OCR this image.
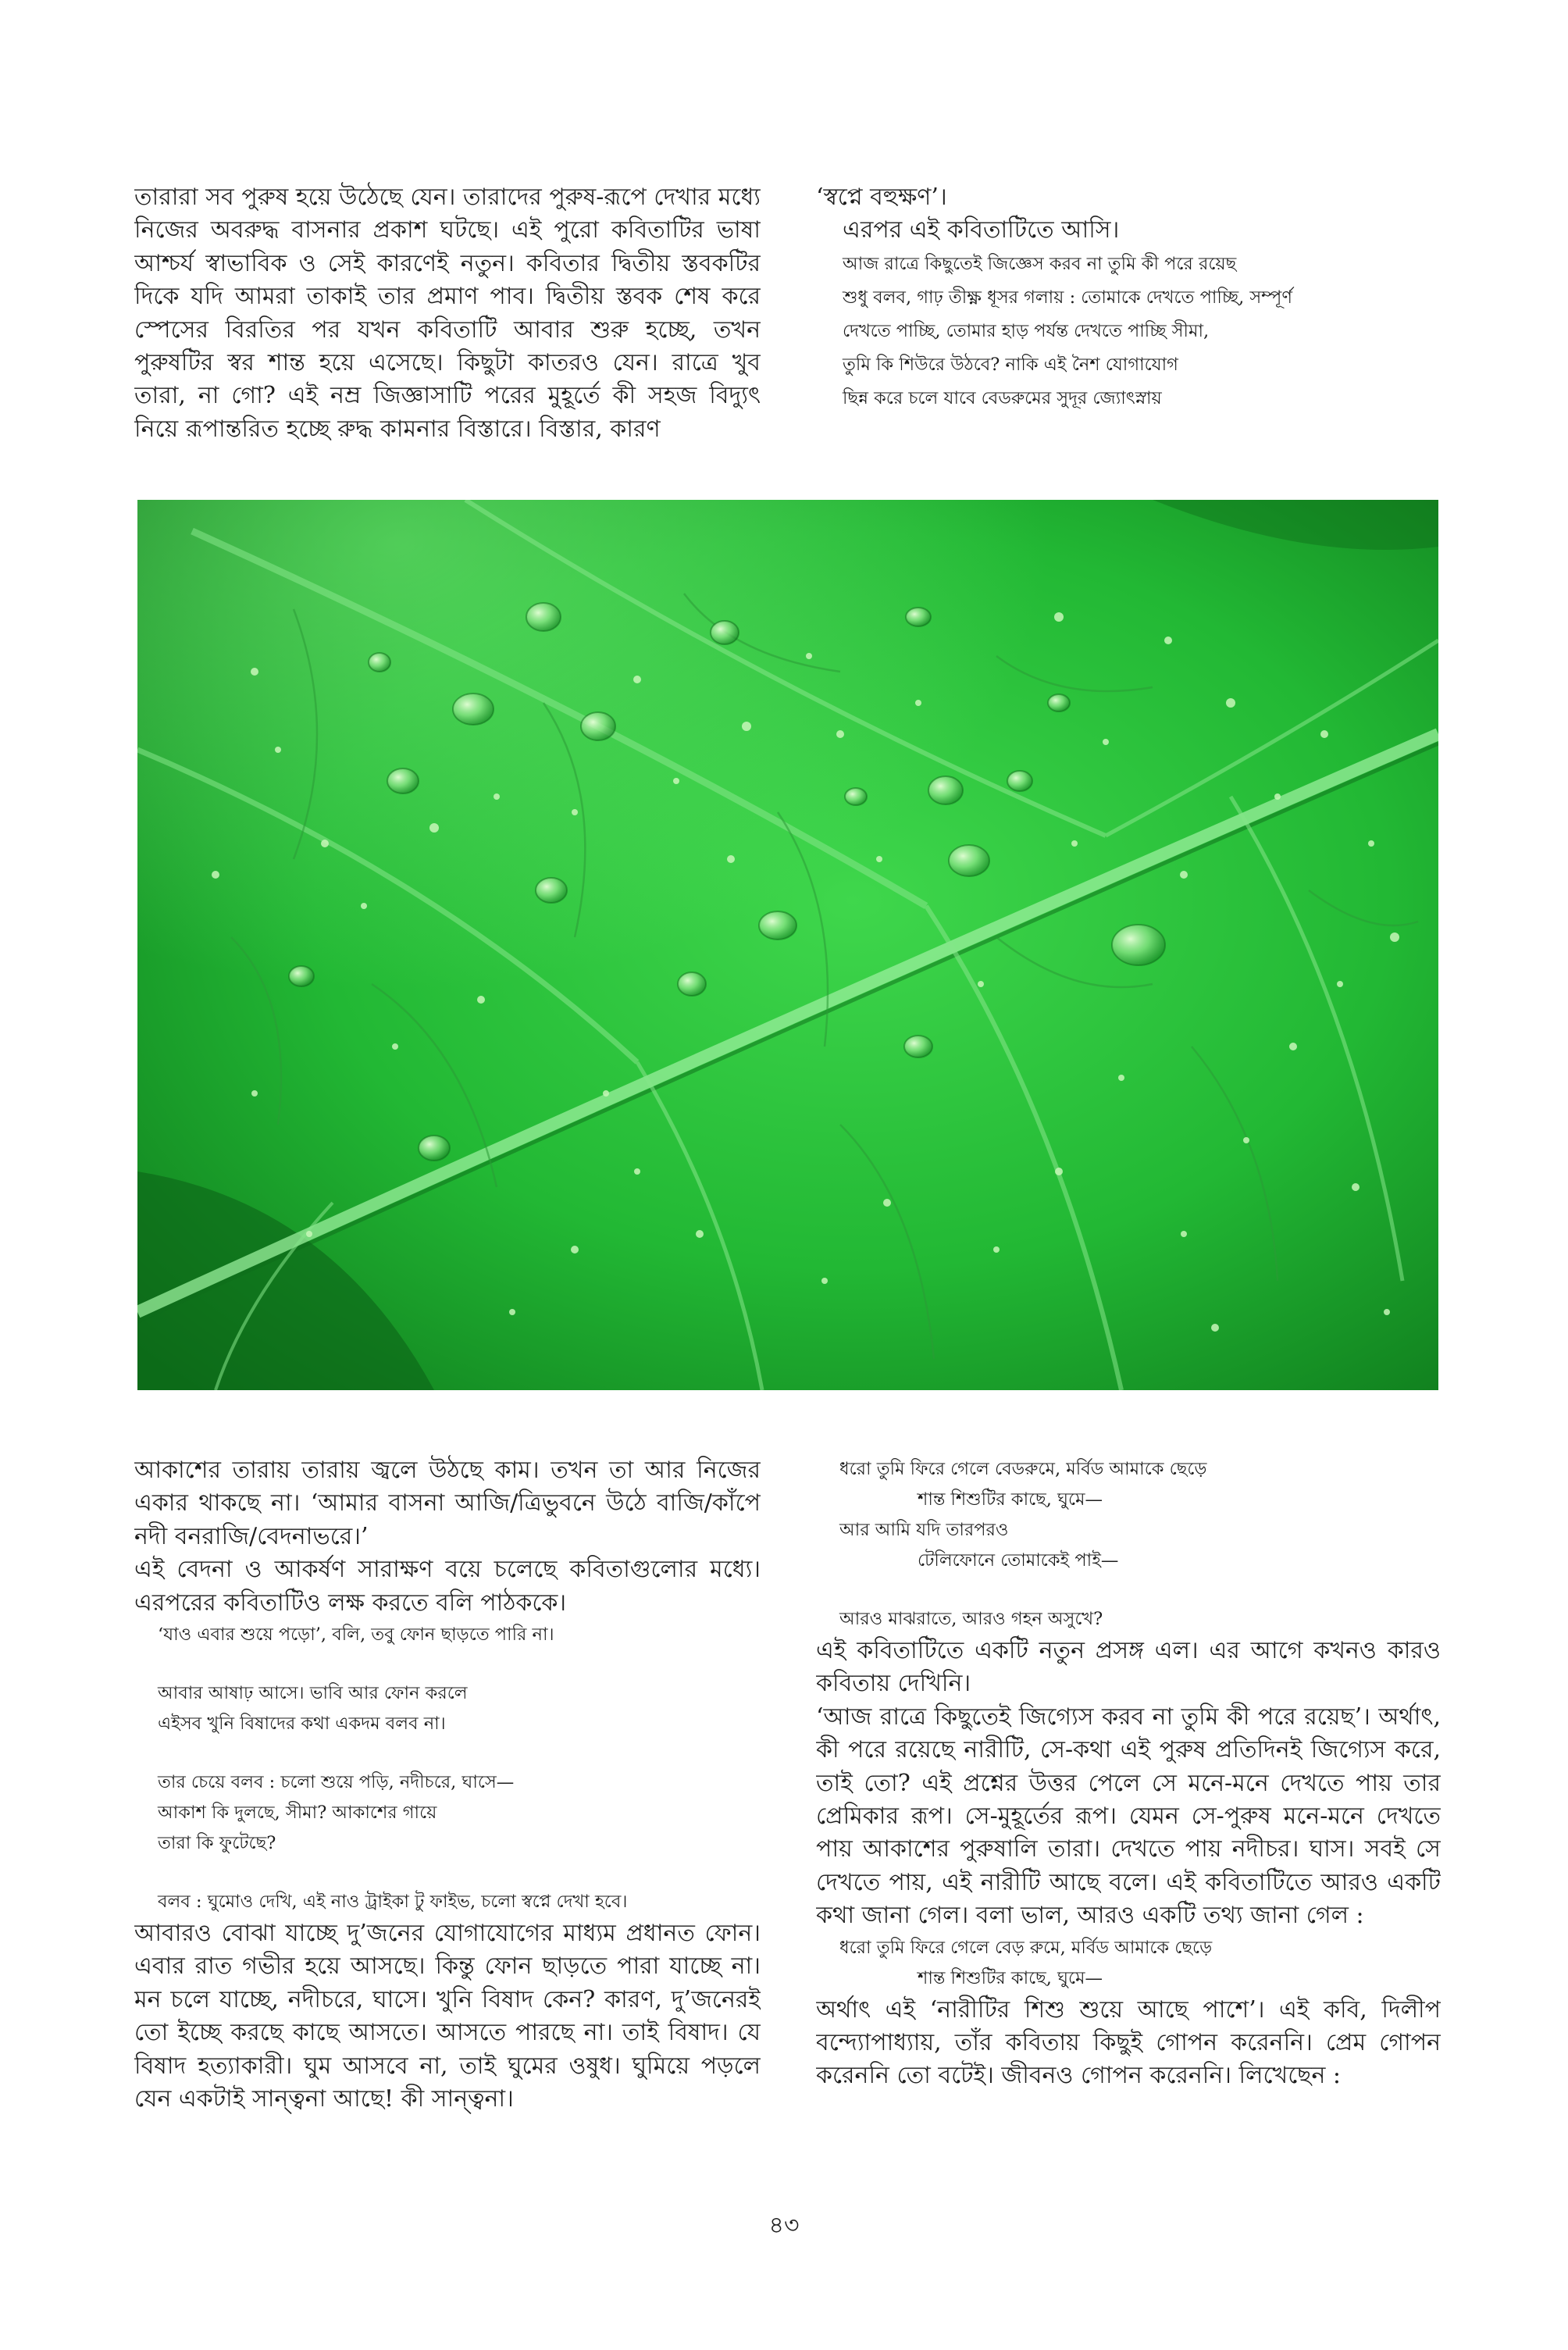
তারারা সব পুরুষ হয়ে উঠেছে যেন। তারাদের পুরুষ-রূপে দেখার মধ্যে নিজের অবরুদ্ধ বাসনার প্রকাশ ঘটছে। এই পুরো কবিতাটির ভাষা আশ্চর্য স্বাভাবিক ও সেই কারণেই নতুন। কবিতার দ্বিতীয় স্তবকটির দিকে যদি আমরা তাকাই তার প্রমাণ পাব। দ্বিতীয় স্তবক শেষ করে স্পেসের বিরতির পর যখন কবিতাটি আবার শুরু হচ্ছে, তখন পুরুষটির স্বর শান্ত হয়ে এসেছে। কিছুটা কাতরও যেন। রাত্রে খুব তারা, না গো? এই নম্র জিজ্ঞাসাটি পরের মুহূর্তে কী সহজ বিদ্যুৎ নিয়ে রূপান্তরিত হচ্ছে রুদ্ধ কামনার বিস্তারে। বিস্তার, কারণ

‘স্বপ্নে বহুক্ষণ’।

এরপর এই কবিতাটিতে আসি।

আজ রাত্রে কিছুতেই জিজ্ঞেস করব না তুমি কী পরে রয়েছ

শুধু বলব, গাঢ় তীক্ষ্ণ ধূসর গলায় : তোমাকে দেখতে পাচ্ছি, সম্পূর্ণ

দেখতে পাচ্ছি, তোমার হাড় পর্যন্ত দেখতে পাচ্ছি সীমা,

তুমি কি শিউরে উঠবে? নাকি এই নৈশ যোগাযোগ

ছিন্ন করে চলে যাবে বেডরুমের সুদূর জ্যোৎস্নায়

আকাশের তারায় তারায় জ্বলে উঠছে কাম। তখন তা আর নিজের একার থাকছে না। ‘আমার বাসনা আজি/ত্রিভুবনে উঠে বাজি/কাঁপে নদী বনরাজি/বেদনাভরে।’

এই বেদনা ও আকর্ষণ সারাক্ষণ বয়ে চলেছে কবিতাগুলোর মধ্যে। এরপরের কবিতাটিও লক্ষ করতে বলি পাঠককে।

‘যাও এবার শুয়ে পড়ো’, বলি, তবু ফোন ছাড়তে পারি না।

আবার আষাঢ় আসে। ভাবি আর ফোন করলে

এইসব খুনি বিষাদের কথা একদম বলব না।

তার চেয়ে বলব : চলো শুয়ে পড়ি, নদীচরে, ঘাসে—

আকাশ কি দুলছে, সীমা? আকাশের গায়ে

তারা কি ফুটেছে?

বলব : ঘুমোও দেখি, এই নাও ট্রাইকা টু ফাইভ, চলো স্বপ্নে দেখা হবে।

আবারও বোঝা যাচ্ছে দু’জনের যোগাযোগের মাধ্যম প্রধানত ফোন। এবার রাত গভীর হয়ে আসছে। কিন্তু ফোন ছাড়তে পারা যাচ্ছে না। মন চলে যাচ্ছে, নদীচরে, ঘাসে। খুনি বিষাদ কেন? কারণ, দু’জনেরই তো ইচ্ছে করছে কাছে আসতে। আসতে পারছে না। তাই বিষাদ। যে বিষাদ হত্যাকারী। ঘুম আসবে না, তাই ঘুমের ওষুধ। ঘুমিয়ে পড়লে যেন একটাই সান্ত্বনা আছে! কী সান্ত্বনা।

ধরো তুমি ফিরে গেলে বেডরুমে, মর্বিড আমাকে ছেড়ে

শান্ত শিশুটির কাছে, ঘুমে—

আর আমি যদি তারপরও

টেলিফোনে তোমাকেই পাই—

আরও মাঝরাতে, আরও গহন অসুখে?

এই কবিতাটিতে একটি নতুন প্রসঙ্গ এল। এর আগে কখনও কারও কবিতায় দেখিনি।

‘আজ রাত্রে কিছুতেই জিগ্যেস করব না তুমি কী পরে রয়েছ’। অর্থাৎ, কী পরে রয়েছে নারীটি, সে-কথা এই পুরুষ প্রতিদিনই জিগ্যেস করে, তাই তো? এই প্রশ্নের উত্তর পেলে সে মনে-মনে দেখতে পায় তার প্রেমিকার রূপ। সে-মুহূর্তের রূপ। যেমন সে-পুরুষ মনে-মনে দেখতে পায় আকাশের পুরুষালি তারা। দেখতে পায় নদীচর। ঘাস। সবই সে দেখতে পায়, এই নারীটি আছে বলে। এই কবিতাটিতে আরও একটি কথা জানা গেল। বলা ভাল, আরও একটি তথ্য জানা গেল :

ধরো তুমি ফিরে গেলে বেড় রুমে, মর্বিড আমাকে ছেড়ে

শান্ত শিশুটির কাছে, ঘুমে—

অর্থাৎ এই ‘নারীটির শিশু শুয়ে আছে পাশে’। এই কবি, দিলীপ বন্দ্যোপাধ্যায়, তাঁর কবিতায় কিছুই গোপন করেননি। প্রেম গোপন করেননি তো বটেই। জীবনও গোপন করেননি। লিখেছেন :

৪৩
